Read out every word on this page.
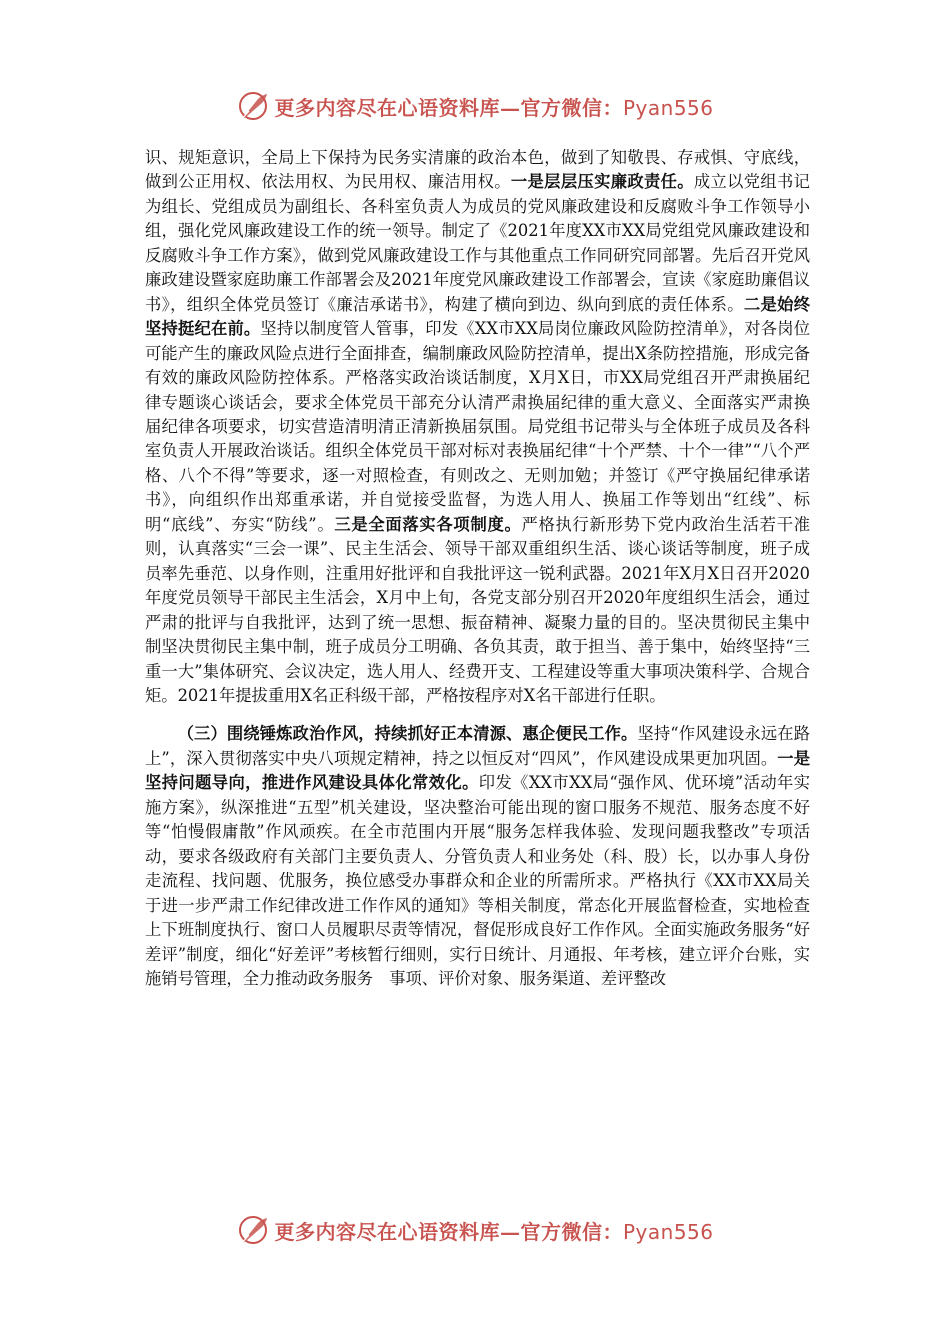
更多内容尽在心语资料库—官方微信：Pyan556

识、规矩意识，全局上下保持为民务实清廉的政治本色，做到了知敬畏、存戒惧、守底线，做到公正用权、依法用权、为民用权、廉洁用权。一是层层压实廉政责任。成立以党组书记为组长、党组成员为副组长、各科室负责人为成员的党风廉政建设和反腐败斗争工作领导小组，强化党风廉政建设工作的统一领导。制定了《2021年度XX市XX局党组党风廉政建设和反腐败斗争工作方案》，做到党风廉政建设工作与其他重点工作同研究同部署。先后召开党风廉政建设暨家庭助廉工作部署会及2021年度党风廉政建设工作部署会，宣读《家庭助廉倡议书》，组织全体党员签订《廉洁承诺书》，构建了横向到边、纵向到底的责任体系。二是始终坚持挺纪在前。坚持以制度管人管事，印发《XX市XX局岗位廉政风险防控清单》，对各岗位可能产生的廉政风险点进行全面排查，编制廉政风险防控清单，提出X条防控措施，形成完备有效的廉政风险防控体系。严格落实政治谈话制度，X月X日，市XX局党组召开严肃换届纪律专题谈心谈话会，要求全体党员干部充分认清严肃换届纪律的重大意义、全面落实严肃换届纪律各项要求，切实营造清明清正清新换届氛围。局党组书记带头与全体班子成员及各科室负责人开展政治谈话。组织全体党员干部对标对表换届纪律“十个严禁、十个一律”“八个严格、八个不得”等要求，逐一对照检查，有则改之、无则加勉；并签订《严守换届纪律承诺书》，向组织作出郑重承诺，并自觉接受监督，为选人用人、换届工作等划出“红线”、标明“底线”、夯实“防线”。三是全面落实各项制度。严格执行新形势下党内政治生活若干准则，认真落实“三会一课”、民主生活会、领导干部双重组织生活、谈心谈话等制度，班子成员率先垂范、以身作则，注重用好批评和自我批评这一锐利武器。2021年X月X日召开2020年度党员领导干部民主生活会，X月中上旬，各党支部分别召开2020年度组织生活会，通过严肃的批评与自我批评，达到了统一思想、振奋精神、凝聚力量的目的。坚决贯彻民主集中制坚决贯彻民主集中制，班子成员分工明确、各负其责，敢于担当、善于集中，始终坚持“三重一大”集体研究、会议决定，选人用人、经费开支、工程建设等重大事项决策科学、合规合矩。2021年提拔重用X名正科级干部，严格按程序对X名干部进行任职。

（三）围绕锤炼政治作风，持续抓好正本清源、惠企便民工作。坚持“作风建设永远在路上”，深入贯彻落实中央八项规定精神，持之以恒反对“四风”，作风建设成果更加巩固。一是坚持问题导向，推进作风建设具体化常效化。印发《XX市XX局“强作风、优环境”活动年实施方案》，纵深推进“五型”机关建设，坚决整治可能出现的窗口服务不规范、服务态度不好等“怕慢假庸散”作风顽疾。在全市范围内开展“服务怎样我体验、发现问题我整改”专项活动，要求各级政府有关部门主要负责人、分管负责人和业务处（科、股）长，以办事人身份走流程、找问题、优服务，换位感受办事群众和企业的所需所求。严格执行《XX市XX局关于进一步严肃工作纪律改进工作作风的通知》等相关制度，常态化开展监督检查，实地检查上下班制度执行、窗口人员履职尽责等情况，督促形成良好工作作风。全面实施政务服务“好差评”制度，细化“好差评”考核暂行细则，实行日统计、月通报、年考核，建立评介台账，实施销号管理，全力推动政务服务　事项、评价对象、服务渠道、差评整改

更多内容尽在心语资料库—官方微信：Pyan556
